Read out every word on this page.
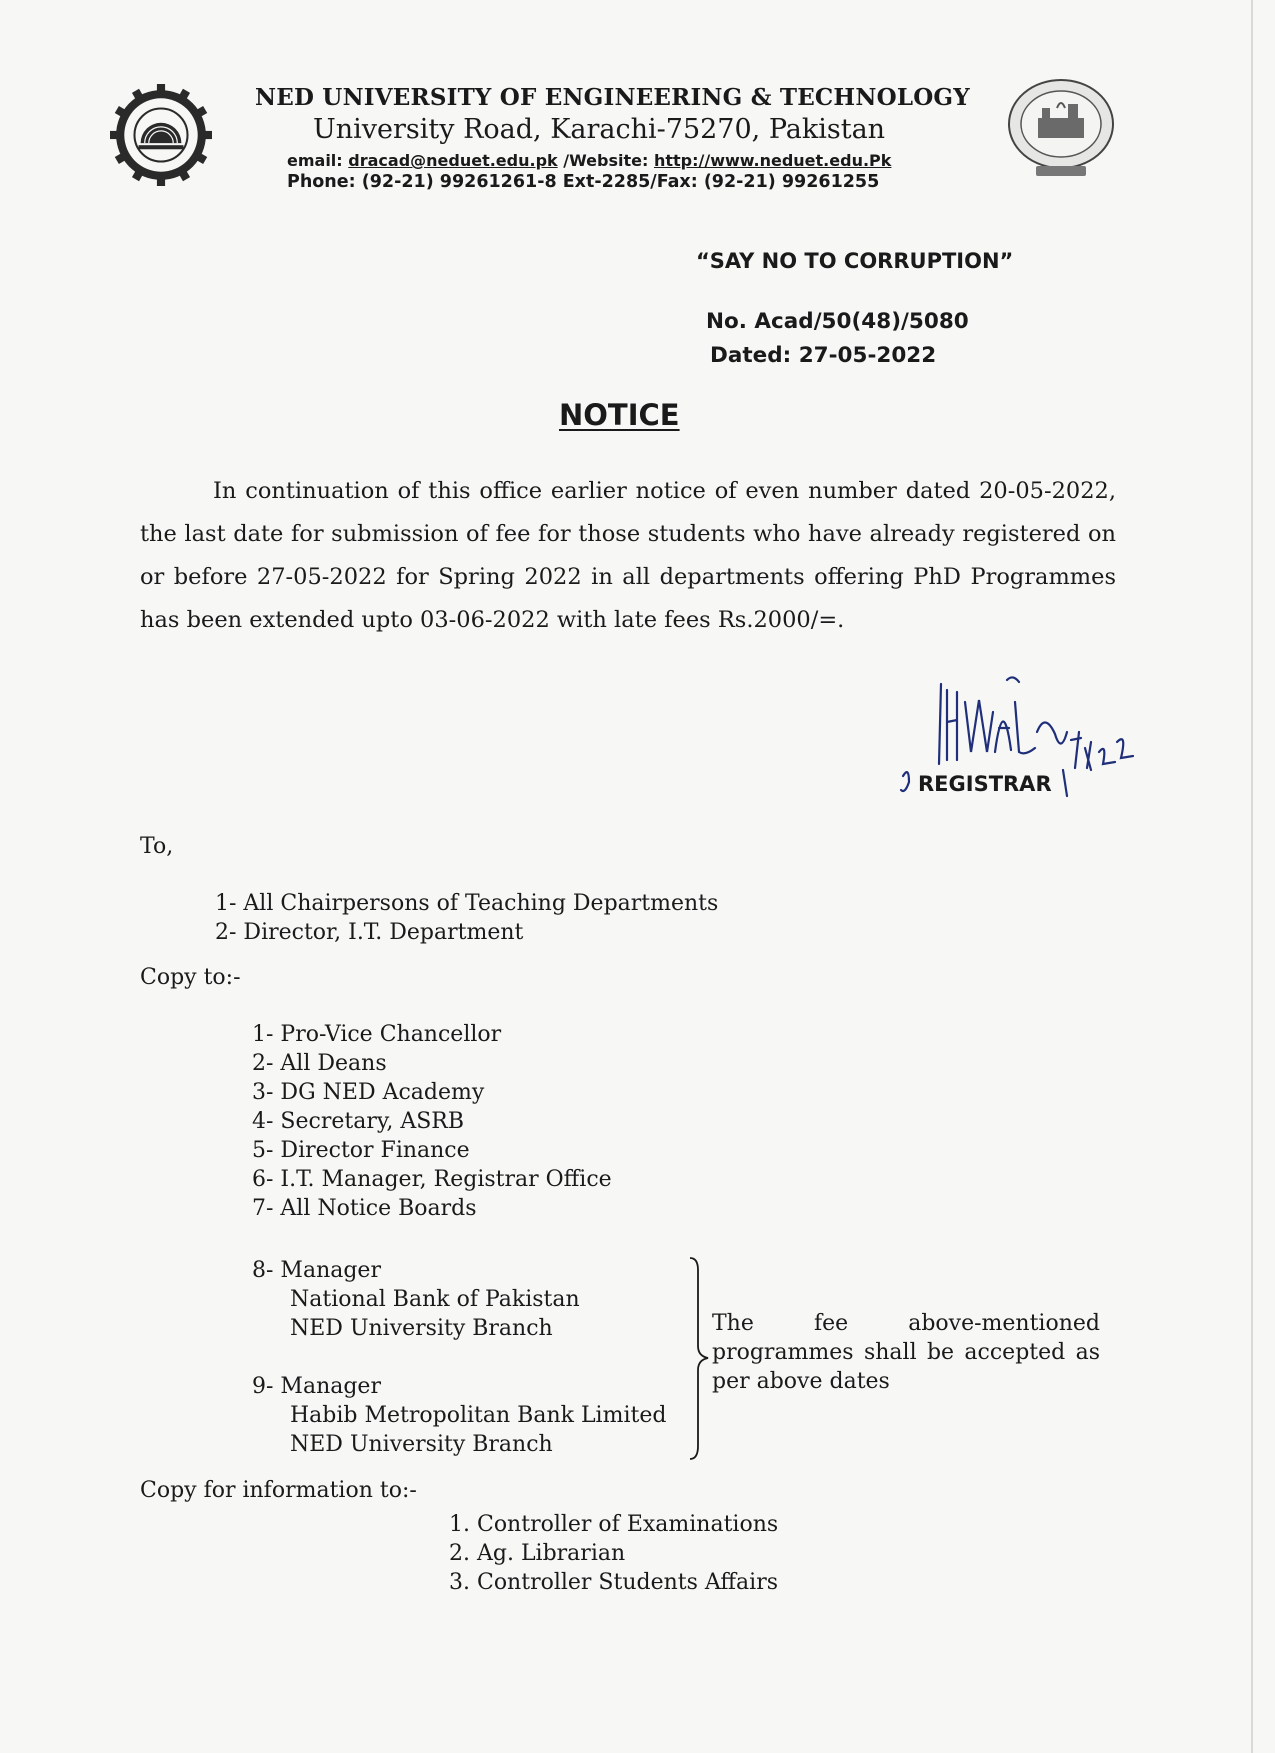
NED UNIVERSITY OF ENGINEERING & TECHNOLOGY
University Road, Karachi-75270, Pakistan
email: dracad@neduet.edu.pk /Website: http://www.neduet.edu.Pk
Phone: (92-21) 99261261-8 Ext-2285/Fax: (92-21) 99261255
“SAY NO TO CORRUPTION”
No. Acad/50(48)/5080
Dated: 27-05-2022
NOTICE

In continuation of this office earlier notice of even number dated 20-05-2022, the last date for submission of fee for those students who have already registered on or before 27-05-2022 for Spring 2022 in all departments offering PhD Programmes has been extended upto 03-06-2022 with late fees Rs.2000/=.

REGISTRAR
To,
1- All Chairpersons of Teaching Departments
2- Director, I.T. Department
Copy to:-
1- Pro-Vice Chancellor
2- All Deans
3- DG NED Academy
4- Secretary, ASRB
5- Director Finance
6- I.T. Manager, Registrar Office
7- All Notice Boards
8- Manager
National Bank of Pakistan
NED University Branch
9- Manager
Habib Metropolitan Bank Limited
NED University Branch

The fee above-mentioned programmes shall be accepted as per above dates

Copy for information to:-
1. Controller of Examinations
2. Ag. Librarian
3. Controller Students Affairs
